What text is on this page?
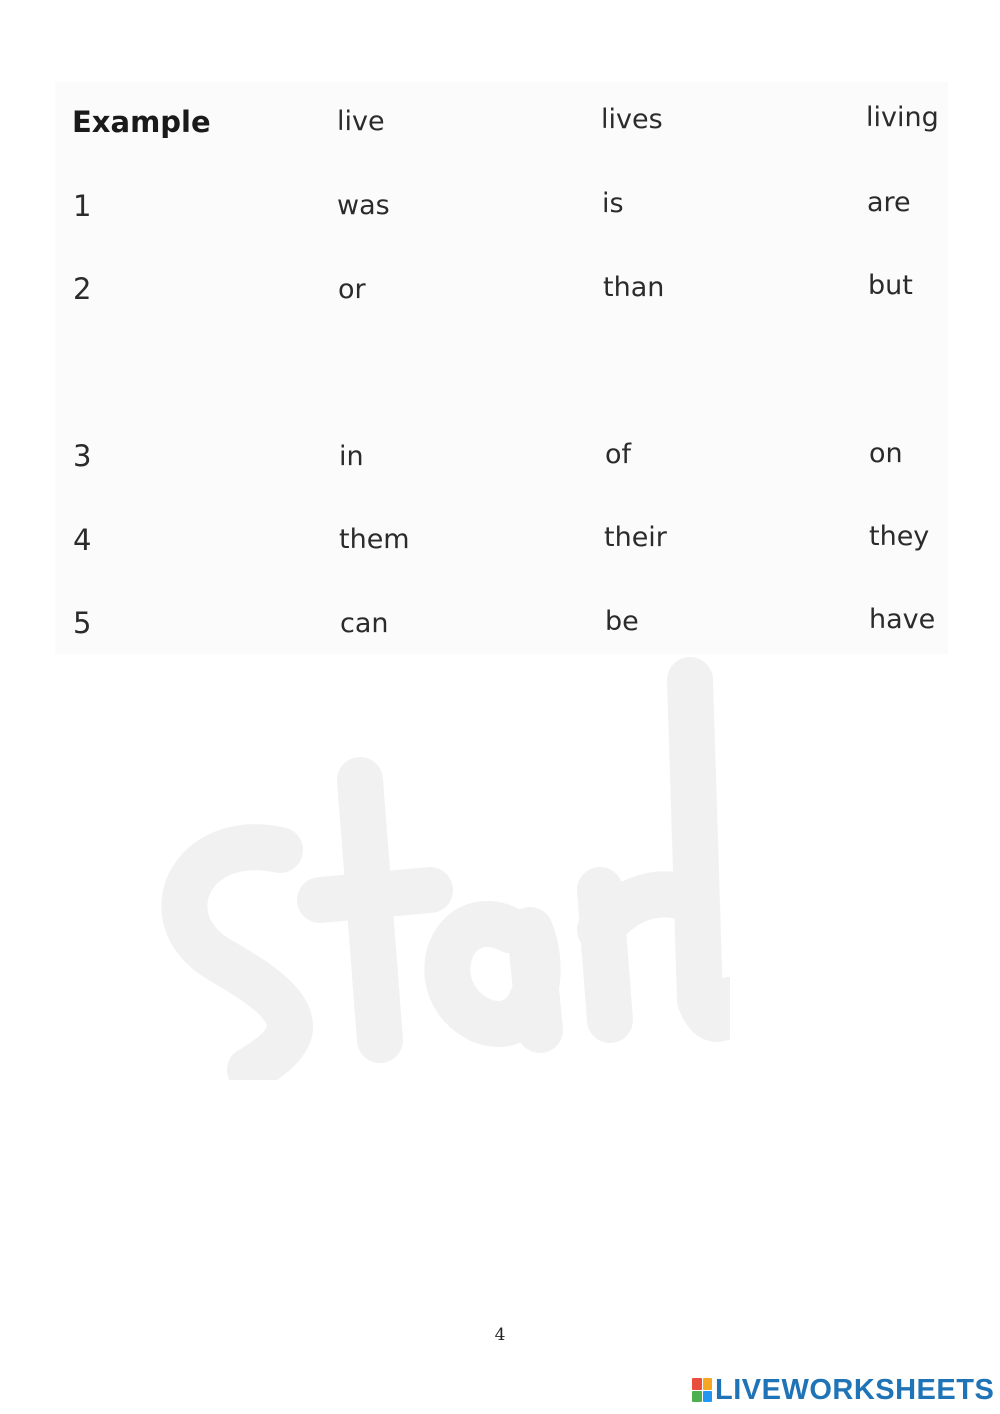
Example	live	lives	living
1	was	is	are
2	or	than	but
3	in	of	on
4	them	their	they
5	can	be	have
4
LIVEWORKSHEETS
